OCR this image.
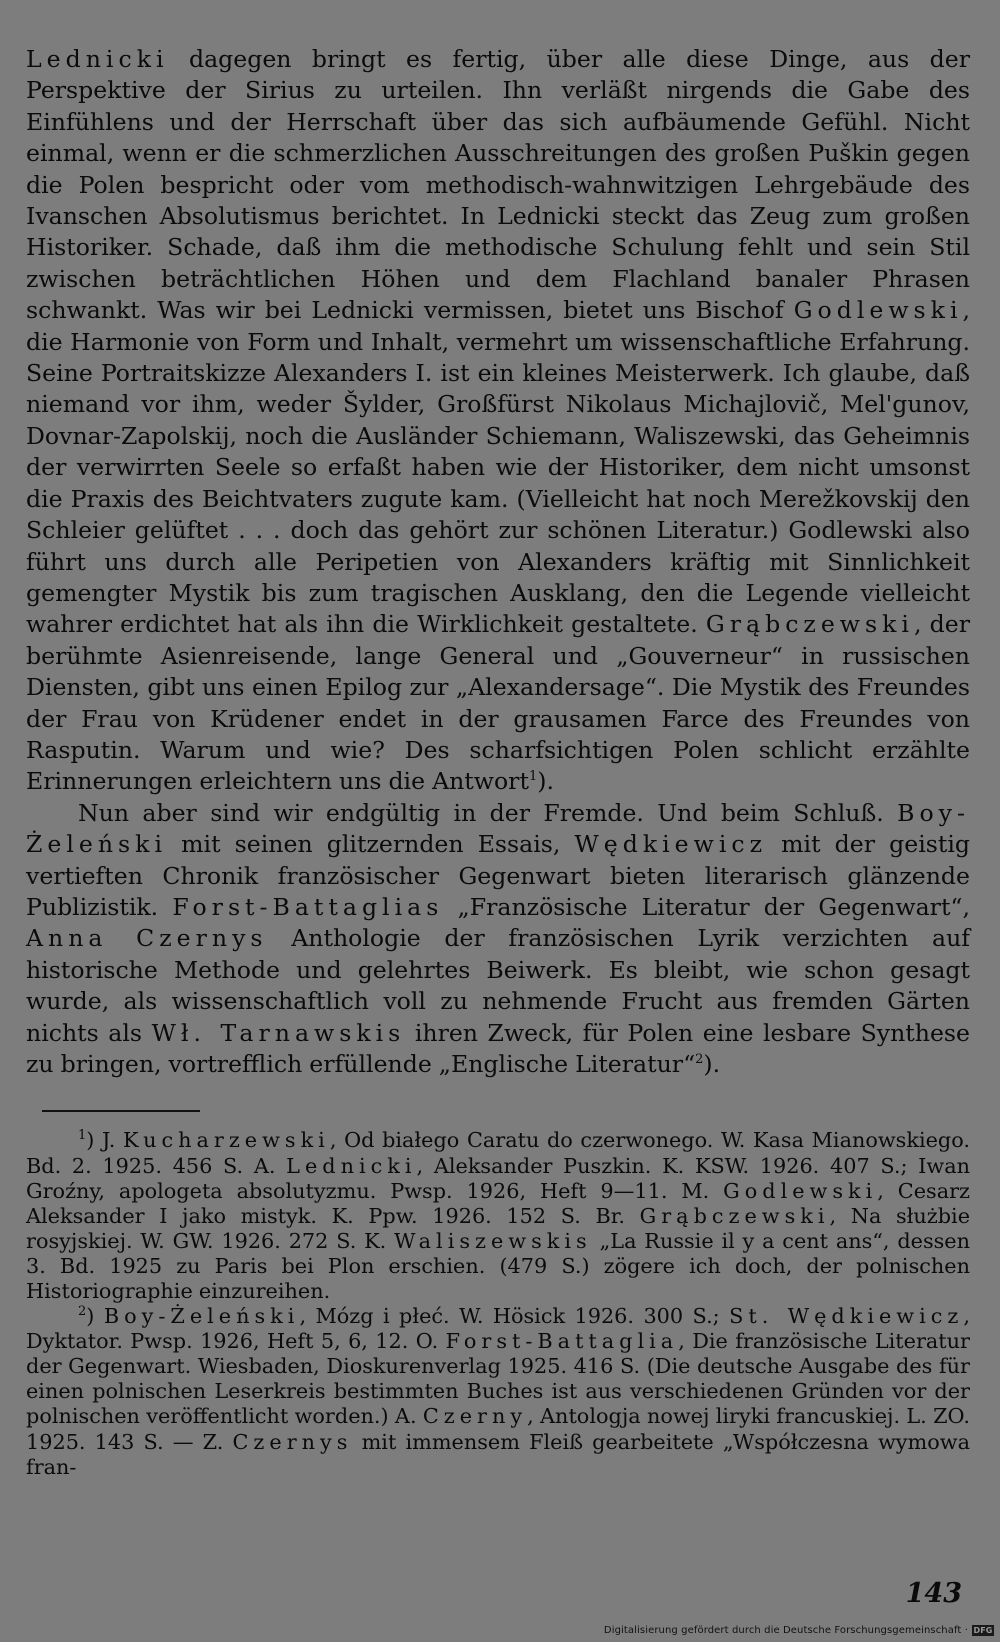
Lednicki dagegen bringt es fertig, über alle diese Dinge, aus der Perspektive der Sirius zu urteilen. Ihn verläßt nirgends die Gabe des Einfühlens und der Herrschaft über das sich aufbäumende Gefühl. Nicht einmal, wenn er die schmerzlichen Ausschreitungen des großen Puškin gegen die Polen bespricht oder vom methodisch-wahnwitzigen Lehrgebäude des Ivanschen Absolutismus berichtet. In Lednicki steckt das Zeug zum großen Historiker. Schade, daß ihm die methodische Schulung fehlt und sein Stil zwischen beträchtlichen Höhen und dem Flachland banaler Phrasen schwankt. Was wir bei Lednicki vermissen, bietet uns Bischof Godlewski, die Harmonie von Form und Inhalt, vermehrt um wissenschaftliche Erfahrung. Seine Portraitskizze Alexanders I. ist ein kleines Meisterwerk. Ich glaube, daß niemand vor ihm, weder Šylder, Großfürst Nikolaus Michajlovič, Mel'gunov, Dovnar-Zapolskij, noch die Ausländer Schiemann, Waliszewski, das Geheimnis der verwirrten Seele so erfaßt haben wie der Historiker, dem nicht umsonst die Praxis des Beichtvaters zugute kam. (Vielleicht hat noch Merežkovskij den Schleier gelüftet . . . doch das gehört zur schönen Literatur.) Godlewski also führt uns durch alle Peripetien von Alexanders kräftig mit Sinnlichkeit gemengter Mystik bis zum tragischen Ausklang, den die Legende vielleicht wahrer erdichtet hat als ihn die Wirklichkeit gestaltete. Grąbczewski, der berühmte Asienreisende, lange General und „Gouverneur“ in russischen Diensten, gibt uns einen Epilog zur „Alexandersage“. Die Mystik des Freundes der Frau von Krüdener endet in der grausamen Farce des Freundes von Rasputin. Warum und wie? Des scharfsichtigen Polen schlicht erzählte Erinnerungen erleichtern uns die Antwort$^1$).

Nun aber sind wir endgültig in der Fremde. Und beim Schluß. Boy-Żeleński mit seinen glitzernden Essais, Wędkiewicz mit der geistig vertieften Chronik französischer Gegenwart bieten literarisch glänzende Publizistik. Forst-Battaglias „Französische Literatur der Gegenwart“, Anna Czernys Anthologie der französischen Lyrik verzichten auf historische Methode und gelehrtes Beiwerk. Es bleibt, wie schon gesagt wurde, als wissenschaftlich voll zu nehmende Frucht aus fremden Gärten nichts als Wł. Tarnawskis ihren Zweck, für Polen eine lesbare Synthese zu bringen, vortrefflich erfüllende „Englische Literatur“$^2$).

$^1$) J. Kucharzewski, Od białego Caratu do czerwonego. W. Kasa Mianowskiego. Bd. 2. 1925. 456 S. A. Lednicki, Aleksander Puszkin. K. KSW. 1926. 407 S.; Iwan Groźny, apologeta absolutyzmu. Pwsp. 1926, Heft 9—11. M. Godlewski, Cesarz Aleksander I jako mistyk. K. Ppw. 1926. 152 S. Br. Grąbczewski, Na służbie rosyjskiej. W. GW. 1926. 272 S. K. Waliszewskis „La Russie il y a cent ans“, dessen 3. Bd. 1925 zu Paris bei Plon erschien. (479 S.) zögere ich doch, der polnischen Historiographie einzureihen.

$^2$) Boy-Żeleński, Mózg i płeć. W. Hösick 1926. 300 S.; St. Wędkiewicz, Dyktator. Pwsp. 1926, Heft 5, 6, 12. O. Forst-Battaglia, Die französische Literatur der Gegenwart. Wiesbaden, Dioskurenverlag 1925. 416 S. (Die deutsche Ausgabe des für einen polnischen Leserkreis bestimmten Buches ist aus verschiedenen Gründen vor der polnischen veröffentlicht worden.) A. Czerny, Antologja nowej liryki francuskiej. L. ZO. 1925. 143 S. — Z. Czernys mit immensem Fleiß gearbeitete „Współczesna wymowa fran-

143
Digitalisierung gefördert durch die Deutsche Forschungsgemeinschaft · DFG
